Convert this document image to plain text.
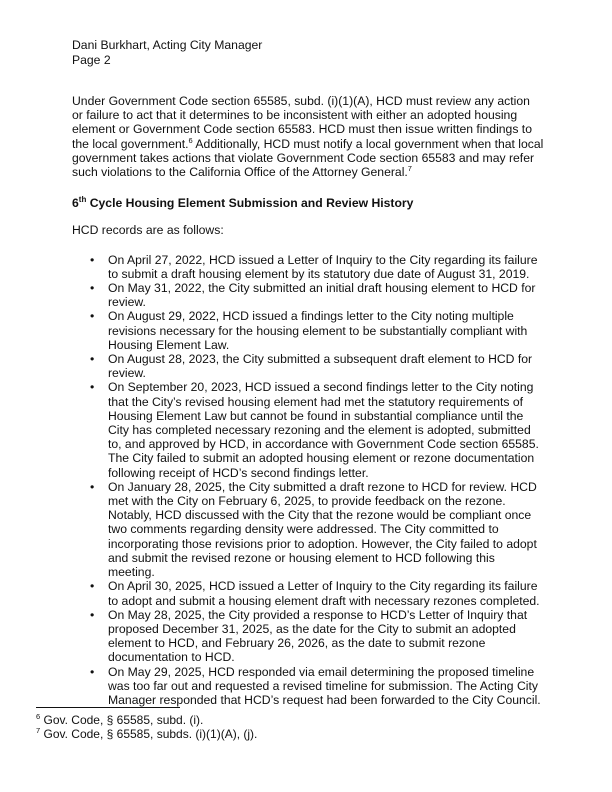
Dani Burkhart, Acting City Manager
Page 2

Under Government Code section 65585, subd. (i)(1)(A), HCD must review any action or failure to act that it determines to be inconsistent with either an adopted housing element or Government Code section 65583. HCD must then issue written findings to the local government.$^6$ Additionally, HCD must notify a local government when that local government takes actions that violate Government Code section 65583 and may refer such violations to the California Office of the Attorney General.$^7$

6th Cycle Housing Element Submission and Review History

HCD records are as follows:

• On April 27, 2022, HCD issued a Letter of Inquiry to the City regarding its failure to submit a draft housing element by its statutory due date of August 31, 2019.
• On May 31, 2022, the City submitted an initial draft housing element to HCD for review.
• On August 29, 2022, HCD issued a findings letter to the City noting multiple revisions necessary for the housing element to be substantially compliant with Housing Element Law.
• On August 28, 2023, the City submitted a subsequent draft element to HCD for review.
• On September 20, 2023, HCD issued a second findings letter to the City noting that the City’s revised housing element had met the statutory requirements of Housing Element Law but cannot be found in substantial compliance until the City has completed necessary rezoning and the element is adopted, submitted to, and approved by HCD, in accordance with Government Code section 65585. The City failed to submit an adopted housing element or rezone documentation following receipt of HCD’s second findings letter.
• On January 28, 2025, the City submitted a draft rezone to HCD for review. HCD met with the City on February 6, 2025, to provide feedback on the rezone. Notably, HCD discussed with the City that the rezone would be compliant once two comments regarding density were addressed. The City committed to incorporating those revisions prior to adoption. However, the City failed to adopt and submit the revised rezone or housing element to HCD following this meeting.
• On April 30, 2025, HCD issued a Letter of Inquiry to the City regarding its failure to adopt and submit a housing element draft with necessary rezones completed.
• On May 28, 2025, the City provided a response to HCD’s Letter of Inquiry that proposed December 31, 2025, as the date for the City to submit an adopted element to HCD, and February 26, 2026, as the date to submit rezone documentation to HCD.
• On May 29, 2025, HCD responded via email determining the proposed timeline was too far out and requested a revised timeline for submission. The Acting City Manager responded that HCD’s request had been forwarded to the City Council.
$^6$ Gov. Code, § 65585, subd. (i).
$^7$ Gov. Code, § 65585, subds. (i)(1)(A), (j).
